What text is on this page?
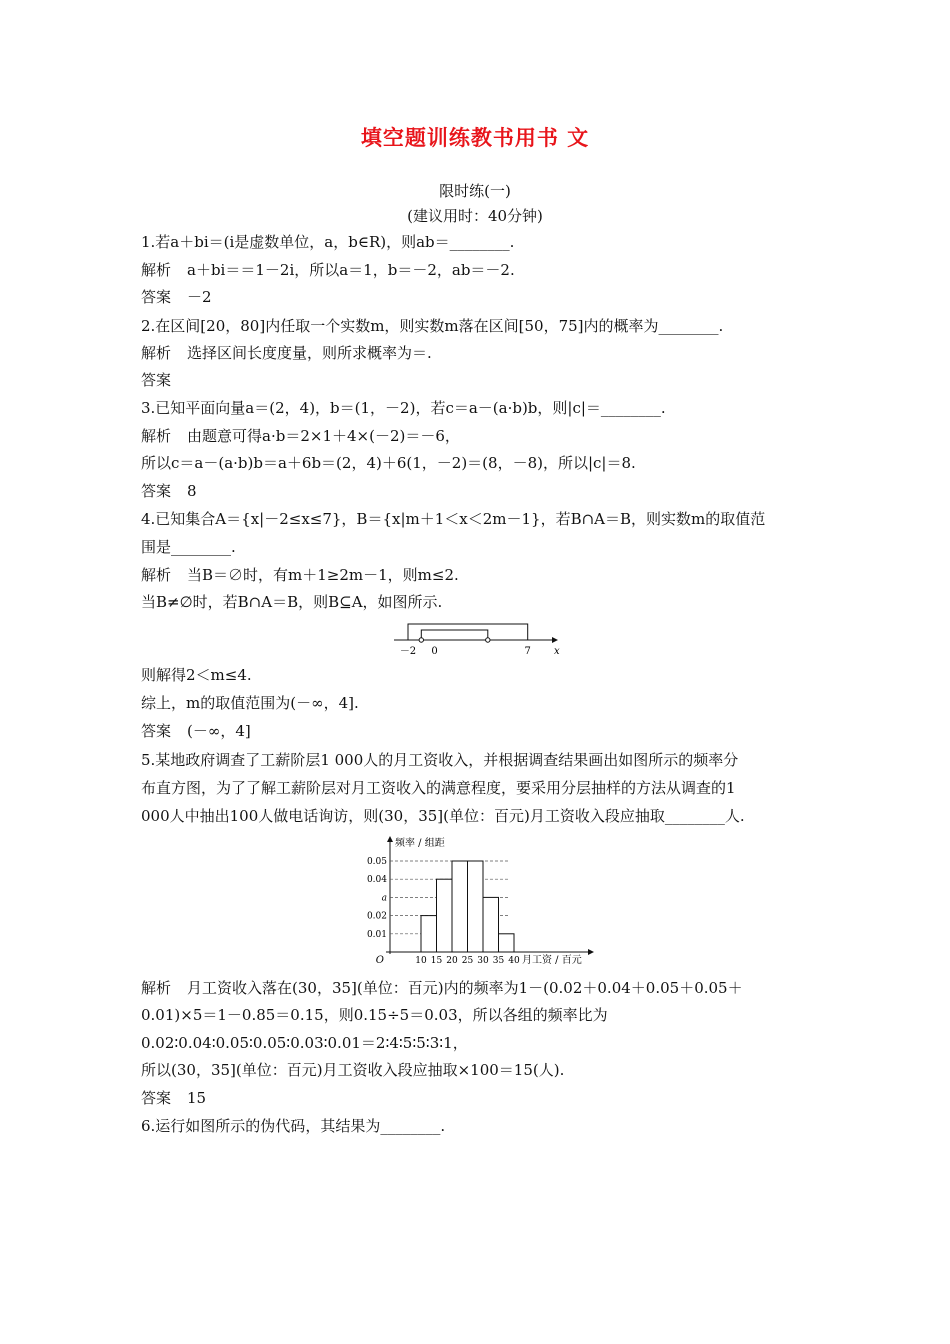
填空题训练教书用书 文
限时练(一)
(建议用时：40分钟)
1.若a＋bi＝(i是虚数单位，a，b∈R)，则ab＝________.
解析 a＋bi＝＝1－2i，所以a＝1，b＝－2，ab＝－2.
答案 －2
2.在区间[20，80]内任取一个实数m，则实数m落在区间[50，75]内的概率为________.
解析 选择区间长度度量，则所求概率为＝.
答案
3.已知平面向量a＝(2，4)，b＝(1，－2)，若c＝a－(a·b)b，则|c|＝________.
解析 由题意可得a·b＝2×1＋4×(－2)＝－6，
所以c＝a－(a·b)b＝a＋6b＝(2，4)＋6(1，－2)＝(8，－8)，所以|c|＝8.
答案 8
4.已知集合A＝{x|－2≤x≤7}，B＝{x|m＋1＜x＜2m－1}，若B∩A＝B，则实数m的取值范
围是________.
解析 当B＝∅时，有m＋1≥2m－1，则m≤2.
当B≠∅时，若B∩A＝B，则B⊆A，如图所示.
－2 0	7 x
则解得2＜m≤4.
综上，m的取值范围为(－∞，4].
答案 (－∞，4]
5.某地政府调查了工薪阶层1 000人的月工资收入，并根据调查结果画出如图所示的频率分
布直方图，为了了解工薪阶层对月工资收入的满意程度，要采用分层抽样的方法从调查的1
000人中抽出100人做电话询访，则(30，35](单位：百元)月工资收入段应抽取________人.
频率 / 组距
O
0.01
0.02
a
0.04
0.05
10 15 20 25 30 35 40 月工资 / 百元
解析 月工资收入落在(30，35](单位：百元)内的频率为1－(0.02＋0.04＋0.05＋0.05＋
0.01)×5＝1－0.85＝0.15，则0.15÷5＝0.03，所以各组的频率比为
0.02∶0.04∶0.05∶0.05∶0.03∶0.01＝2∶4∶5∶5∶3∶1，
所以(30，35](单位：百元)月工资收入段应抽取×100＝15(人).
答案 15
6.运行如图所示的伪代码，其结果为________.
